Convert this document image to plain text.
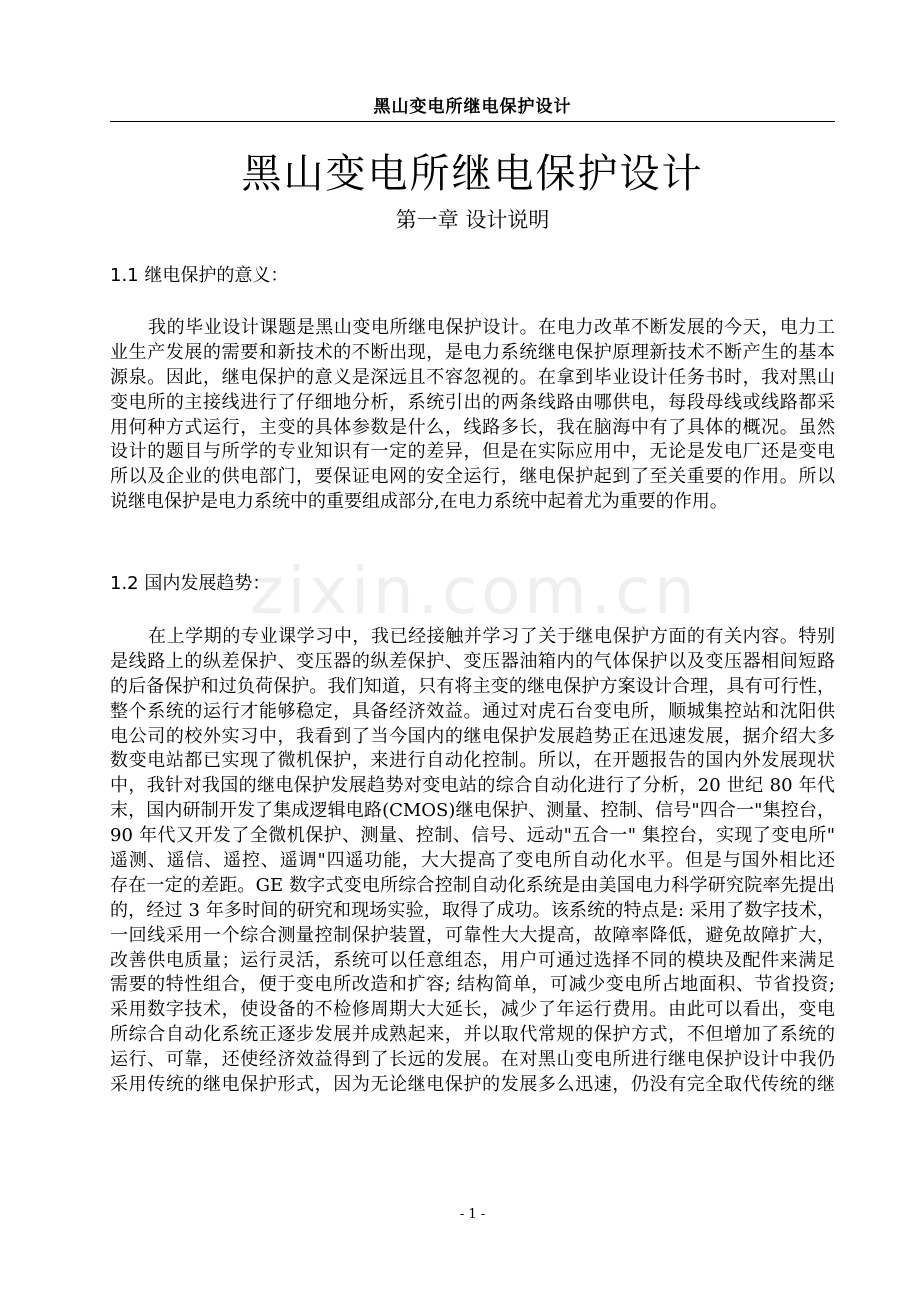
黑山变电所继电保护设计
黑山变电所继电保护设计
第一章 设计说明
zixin.com.cn
1.1 继电保护的意义：
我的毕业设计课题是黑山变电所继电保护设计。在电力改革不断发展的今天，电力工
业生产发展的需要和新技术的不断出现，是电力系统继电保护原理新技术不断产生的基本
源泉。因此，继电保护的意义是深远且不容忽视的。在拿到毕业设计任务书时，我对黑山
变电所的主接线进行了仔细地分析，系统引出的两条线路由哪供电，每段母线或线路都采
用何种方式运行，主变的具体参数是什么，线路多长，我在脑海中有了具体的概况。虽然
设计的题目与所学的专业知识有一定的差异，但是在实际应用中，无论是发电厂还是变电
所以及企业的供电部门，要保证电网的安全运行，继电保护起到了至关重要的作用。所以
说继电保护是电力系统中的重要组成部分,在电力系统中起着尤为重要的作用。
1.2 国内发展趋势：
在上学期的专业课学习中，我已经接触并学习了关于继电保护方面的有关内容。特别
是线路上的纵差保护、变压器的纵差保护、变压器油箱内的气体保护以及变压器相间短路
的后备保护和过负荷保护。我们知道，只有将主变的继电保护方案设计合理，具有可行性，
整个系统的运行才能够稳定，具备经济效益。通过对虎石台变电所，顺城集控站和沈阳供
电公司的校外实习中，我看到了当今国内的继电保护发展趋势正在迅速发展，据介绍大多
数变电站都已实现了微机保护，来进行自动化控制。所以，在开题报告的国内外发展现状
中，我针对我国的继电保护发展趋势对变电站的综合自动化进行了分析，20 世纪 80 年代
末，国内研制开发了集成逻辑电路(CMOS)继电保护、测量、控制、信号"四合一"集控台，
90 年代又开发了全微机保护、测量、控制、信号、远动"五合一" 集控台，实现了变电所"
遥测、遥信、遥控、遥调"四遥功能，大大提高了变电所自动化水平。但是与国外相比还
存在一定的差距。GE 数字式变电所综合控制自动化系统是由美国电力科学研究院率先提出
的，经过 3 年多时间的研究和现场实验，取得了成功。该系统的特点是: 采用了数字技术，
一回线采用一个综合测量控制保护装置，可靠性大大提高，故障率降低，避免故障扩大，
改善供电质量；运行灵活，系统可以任意组态，用户可通过选择不同的模块及配件来满足
需要的特性组合，便于变电所改造和扩容; 结构简单，可减少变电所占地面积、节省投资;
采用数字技术，使设备的不检修周期大大延长，减少了年运行费用。由此可以看出，变电
所综合自动化系统正逐步发展并成熟起来，并以取代常规的保护方式，不但增加了系统的
运行、可靠，还使经济效益得到了长远的发展。在对黑山变电所进行继电保护设计中我仍
采用传统的继电保护形式，因为无论继电保护的发展多么迅速，仍没有完全取代传统的继
- 1 -
